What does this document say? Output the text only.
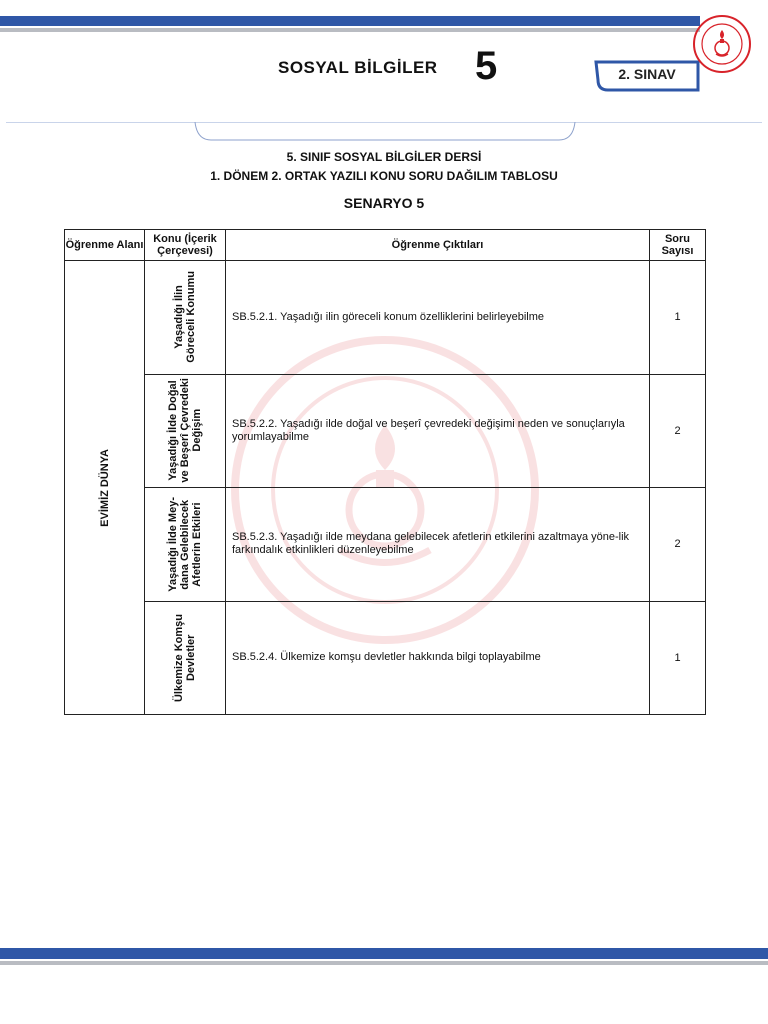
SOSYAL BİLGİLER 5	2. SINAV
5. SINIF SOSYAL BİLGİLER DERSİ
1. DÖNEM 2. ORTAK YAZILI KONU SORU DAĞILIM TABLOSU
SENARYO 5
Öğrenme Alanı	Konu (İçerik Çerçevesi)	Öğrenme Çıktıları	Soru Sayısı

EVİMİZ DÜNYA	Yaşadığı İlin
Göreceli Konumu	SB.5.2.1. Yaşadığı ilin göreceli konum özelliklerini belirleyebilme	1

	Yaşadığı İlde Doğal
ve Beşerî Çevredeki
Değişim	SB.5.2.2. Yaşadığı ilde doğal ve beşerî çevredeki değişimi neden ve sonuçlarıyla yorumlayabilme	2

	Yaşadığı İlde Mey-
dana Gelebilecek
Afetlerin Etkileri	SB.5.2.3. Yaşadığı ilde meydana gelebilecek afetlerin etkilerini azaltmaya yöne-lik farkındalık etkinlikleri düzenleyebilme	2

	Ülkemize Komşu
Devletler	SB.5.2.4. Ülkemize komşu devletler hakkında bilgi toplayabilme	1
